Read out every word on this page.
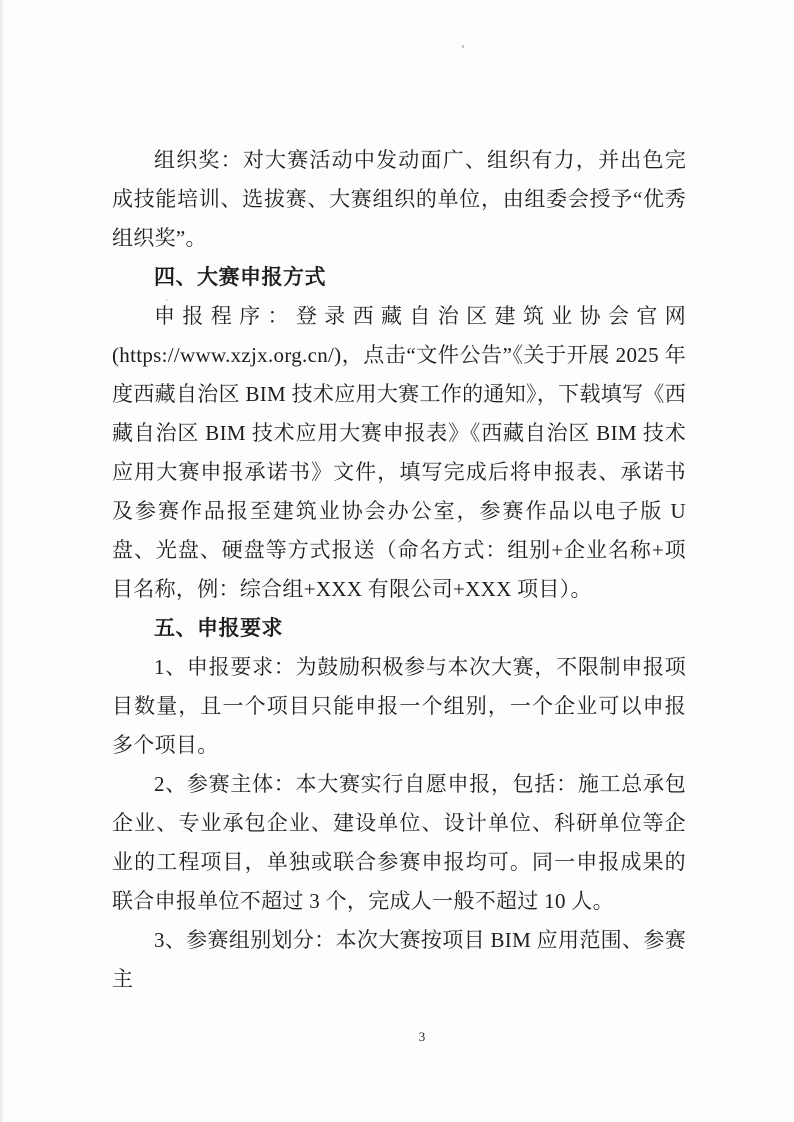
组织奖：对大赛活动中发动面广、组织有力，并出色完成技能培训、选拔赛、大赛组织的单位，由组委会授予“优秀组织奖”。

四、大赛申报方式

申报程序：登录西藏自治区建筑业协会官网(https://www.xzjx.org.cn/)，点击“文件公告”《关于开展 2025 年度西藏自治区 BIM 技术应用大赛工作的通知》，下载填写《西藏自治区 BIM 技术应用大赛申报表》《西藏自治区 BIM 技术应用大赛申报承诺书》文件，填写完成后将申报表、承诺书及参赛作品报至建筑业协会办公室，参赛作品以电子版 U 盘、光盘、硬盘等方式报送（命名方式：组别+企业名称+项目名称，例：综合组+XXX 有限公司+XXX 项目）。

五、申报要求

1、申报要求：为鼓励积极参与本次大赛，不限制申报项目数量，且一个项目只能申报一个组别，一个企业可以申报多个项目。

2、参赛主体：本大赛实行自愿申报，包括：施工总承包企业、专业承包企业、建设单位、设计单位、科研单位等企业的工程项目，单独或联合参赛申报均可。同一申报成果的联合申报单位不超过 3 个，完成人一般不超过 10 人。

3、参赛组别划分：本次大赛按项目 BIM 应用范围、参赛主

3
